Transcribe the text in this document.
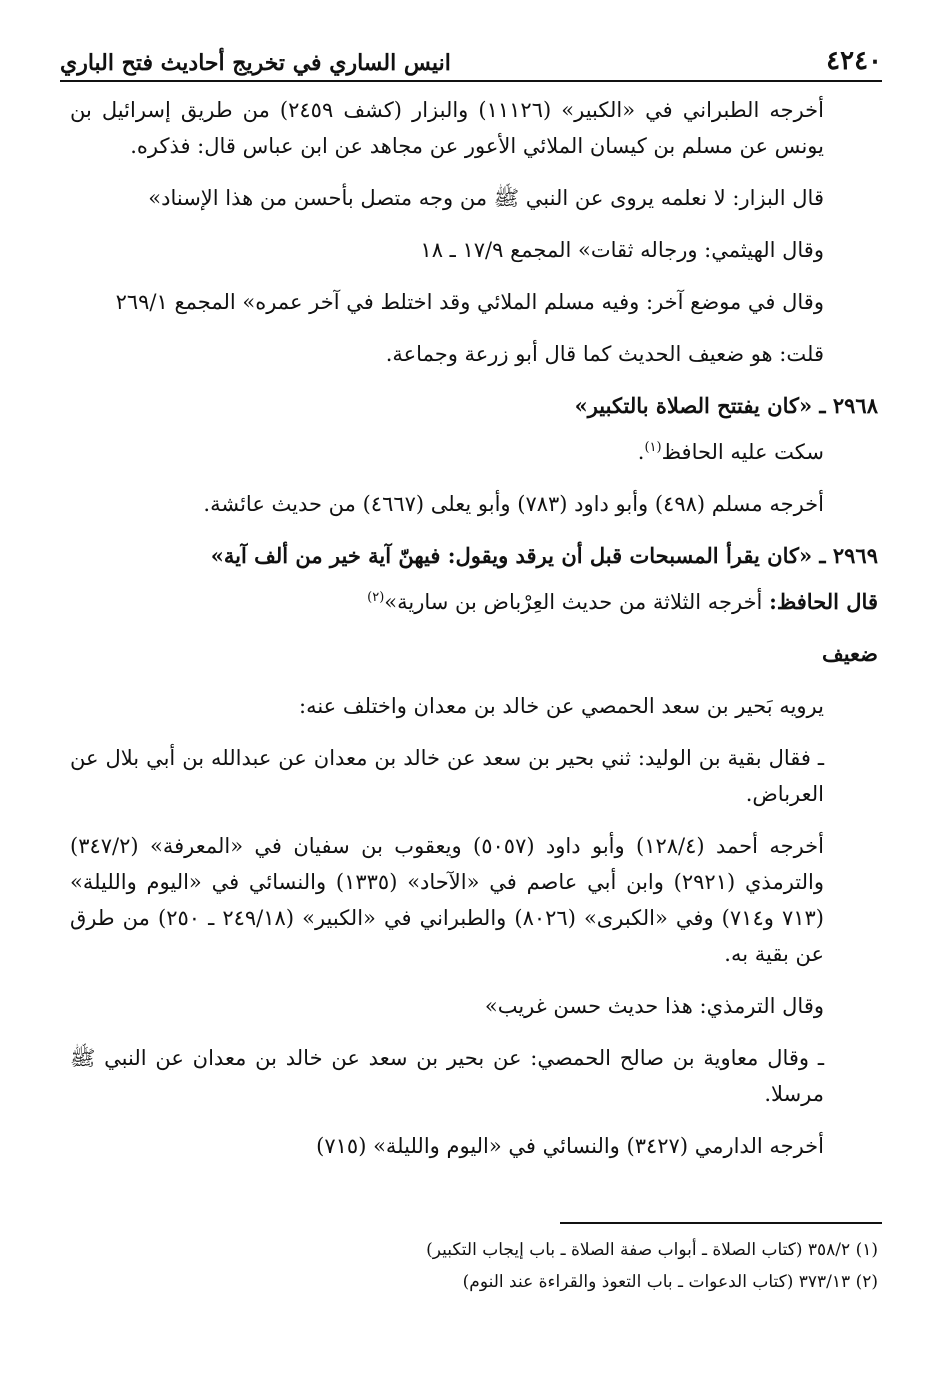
انيس الساري في تخريج أحاديث فتح الباري	٤٢٤٠

أخرجه الطبراني في «الكبير» (١١١٢٦) والبزار (كشف ٢٤٥٩) من طريق إسرائيل بن يونس عن مسلم بن كيسان الملائي الأعور عن مجاهد عن ابن عباس قال: فذكره.

قال البزار: لا نعلمه يروى عن النبي ﷺ من وجه متصل بأحسن من هذا الإسناد»

وقال الهيثمي: ورجاله ثقات» المجمع ١٧/٩ ـ ١٨

وقال في موضع آخر: وفيه مسلم الملائي وقد اختلط في آخر عمره» المجمع ٢٦٩/١

قلت: هو ضعيف الحديث كما قال أبو زرعة وجماعة.

٢٩٦٨ ـ «كان يفتتح الصلاة بالتكبير»

سكت عليه الحافظ$^{(١)}$.

أخرجه مسلم (٤٩٨) وأبو داود (٧٨٣) وأبو يعلى (٤٦٦٧) من حديث عائشة.

٢٩٦٩ ـ «كان يقرأ المسبحات قبل أن يرقد ويقول: فيهنّ آية خير من ألف آية»

قال الحافظ: أخرجه الثلاثة من حديث العِرْباض بن سارية»$^{(٢)}$

ضعيف

يرويه بَحير بن سعد الحمصي عن خالد بن معدان واختلف عنه:

ـ فقال بقية بن الوليد: ثني بحير بن سعد عن خالد بن معدان عن عبدالله بن أبي بلال عن العرباض.

أخرجه أحمد (١٢٨/٤) وأبو داود (٥٠٥٧) ويعقوب بن سفيان في «المعرفة» (٣٤٧/٢) والترمذي (٢٩٢١) وابن أبي عاصم في «الآحاد» (١٣٣٥) والنسائي في «اليوم والليلة» (٧١٣ و٧١٤) وفي «الكبرى» (٨٠٢٦) والطبراني في «الكبير» (٢٤٩/١٨ ـ ٢٥٠) من طرق عن بقية به.

وقال الترمذي: هذا حديث حسن غريب»

ـ وقال معاوية بن صالح الحمصي: عن بحير بن سعد عن خالد بن معدان عن النبي ﷺ مرسلا.

أخرجه الدارمي (٣٤٢٧) والنسائي في «اليوم والليلة» (٧١٥)

(١) ٣٥٨/٢ (كتاب الصلاة ـ أبواب صفة الصلاة ـ باب إيجاب التكبير)
(٢) ٣٧٣/١٣ (كتاب الدعوات ـ باب التعوذ والقراءة عند النوم)
